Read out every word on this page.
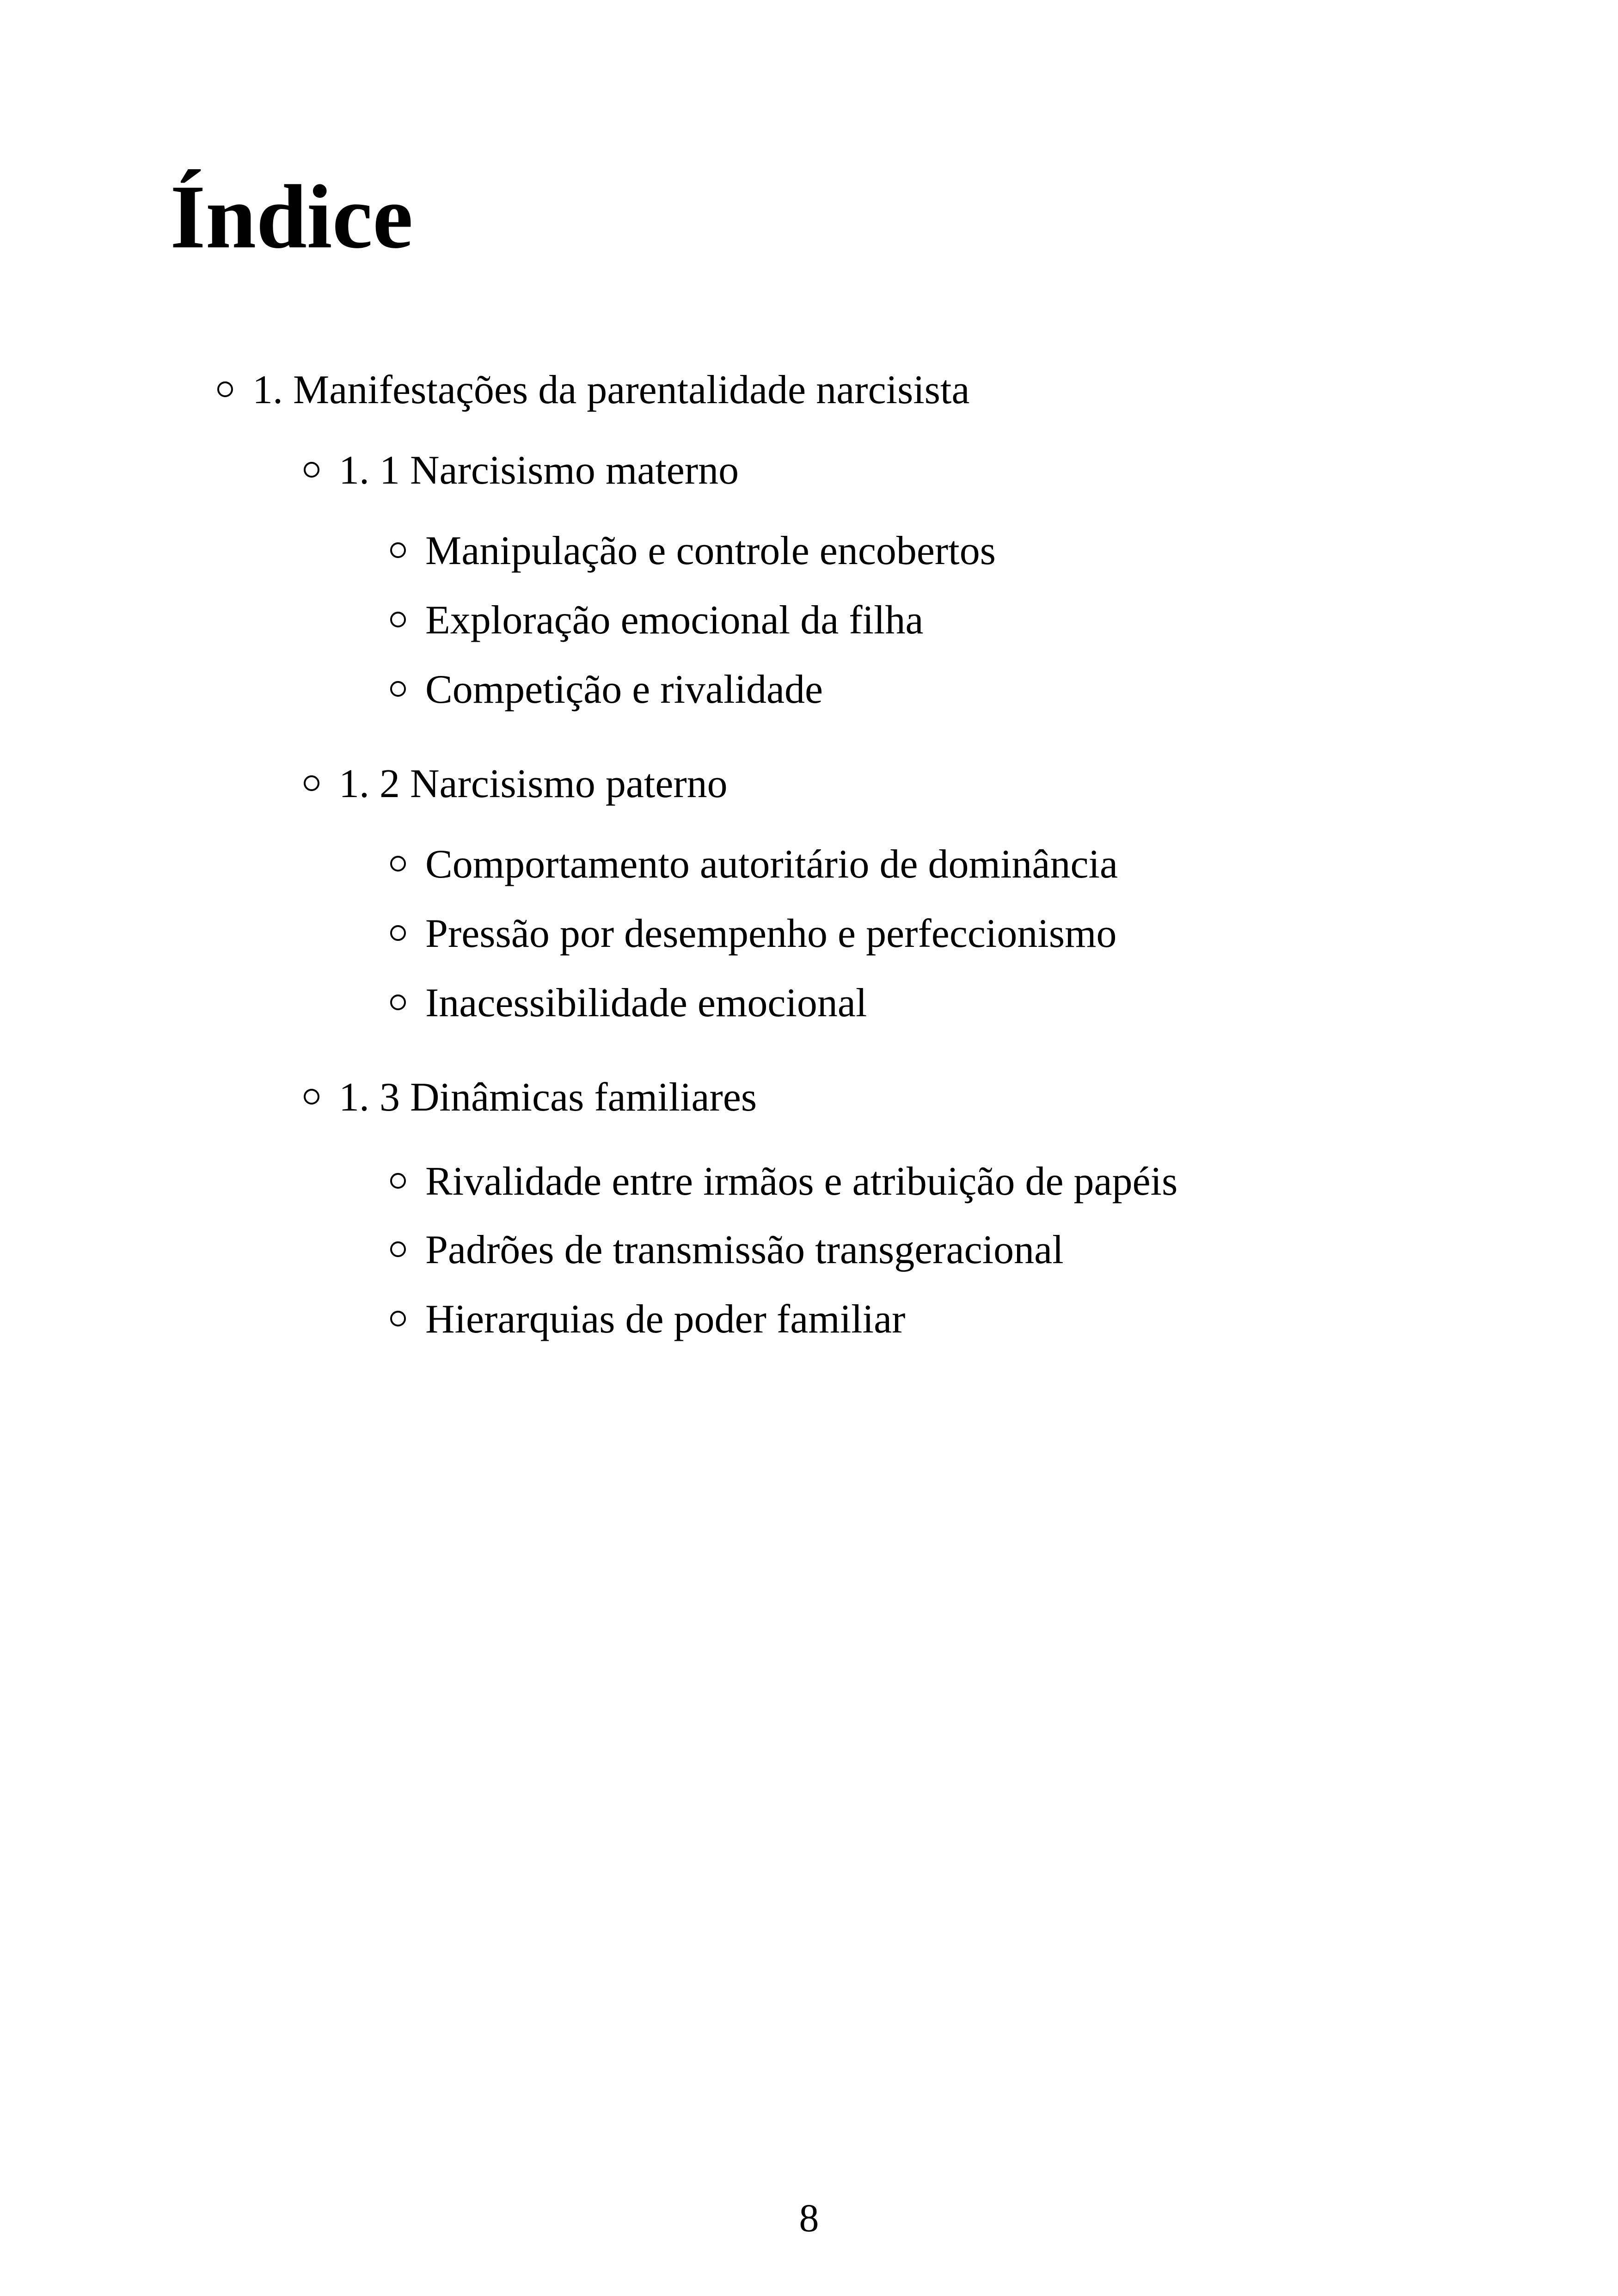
Índice
1. Manifestações da parentalidade narcisista
1. 1 Narcisismo materno
Manipulação e controle encobertos
Exploração emocional da filha
Competição e rivalidade
1. 2 Narcisismo paterno
Comportamento autoritário de dominância
Pressão por desempenho e perfeccionismo
Inacessibilidade emocional
1. 3 Dinâmicas familiares
Rivalidade entre irmãos e atribuição de papéis
Padrões de transmissão transgeracional
Hierarquias de poder familiar
8
